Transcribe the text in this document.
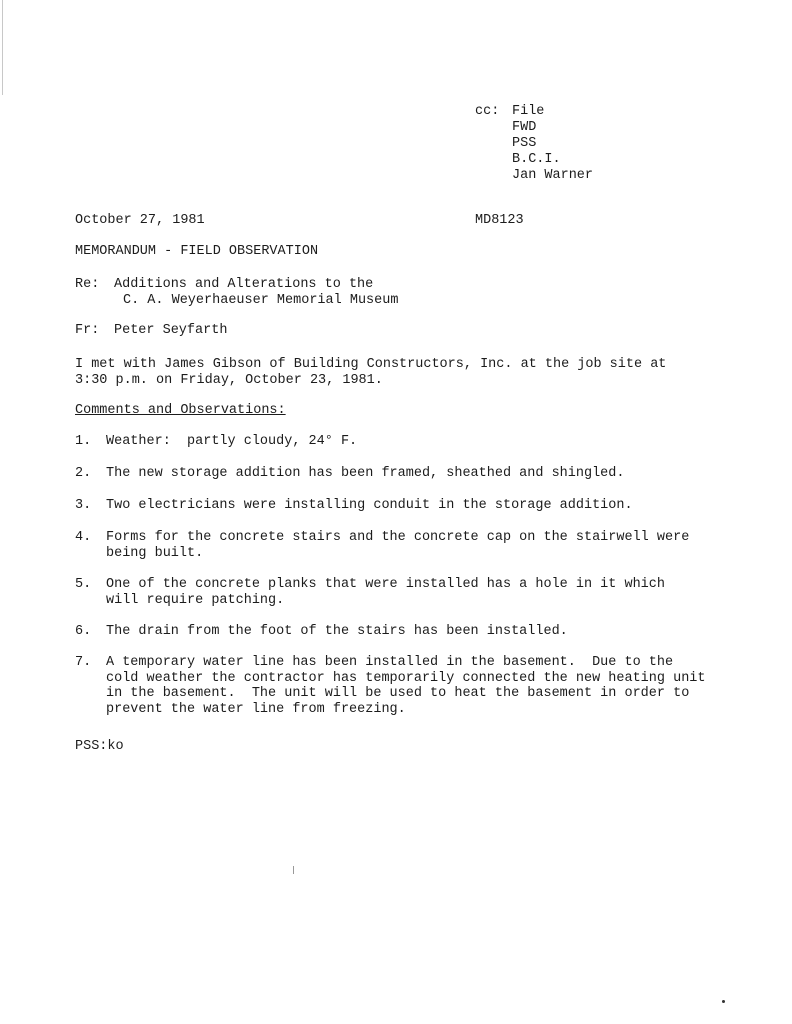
cc: File
FWD
PSS
B.C.I.
Jan Warner
October 27, 1981	MD8123
MEMORANDUM - FIELD OBSERVATION
Re: Additions and Alterations to the
C. A. Weyerhaeuser Memorial Museum
Fr: Peter Seyfarth
I met with James Gibson of Building Constructors, Inc. at the job site at
3:30 p.m. on Friday, October 23, 1981.
Comments and Observations:
1. Weather:  partly cloudy, 24° F.
2. The new storage addition has been framed, sheathed and shingled.
3. Two electricians were installing conduit in the storage addition.
4. Forms for the concrete stairs and the concrete cap on the stairwell were
being built.
5. One of the concrete planks that were installed has a hole in it which
will require patching.
6. The drain from the foot of the stairs has been installed.
7. A temporary water line has been installed in the basement.  Due to the
cold weather the contractor has temporarily connected the new heating unit
in the basement.  The unit will be used to heat the basement in order to
prevent the water line from freezing.
PSS:ko
